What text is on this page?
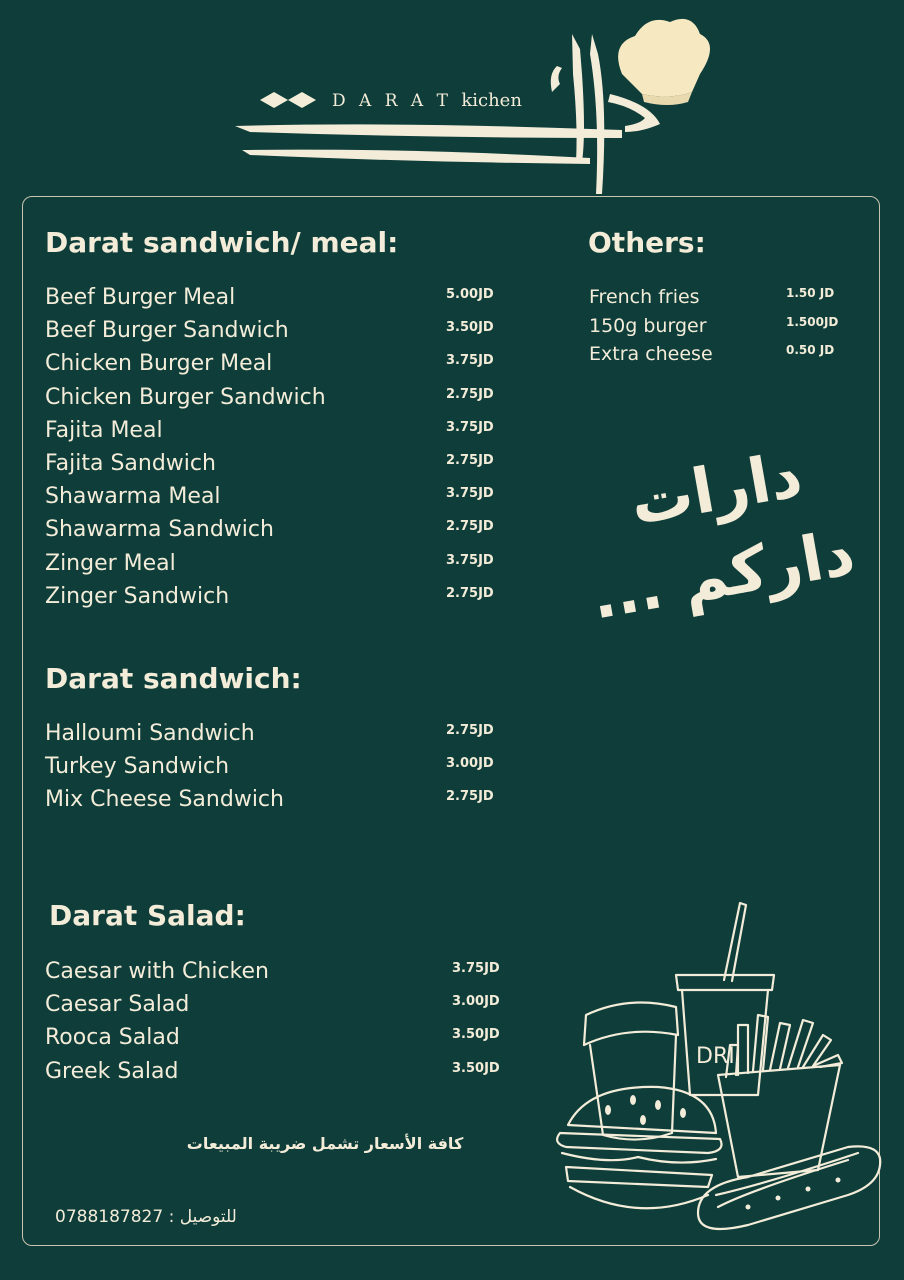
D A R A T kichen
Darat sandwich/ meal:
Beef Burger Meal	5.00JD
Beef Burger Sandwich	3.50JD
Chicken Burger Meal	3.75JD
Chicken Burger Sandwich	2.75JD
Fajita Meal	3.75JD
Fajita Sandwich	2.75JD
Shawarma Meal	3.75JD
Shawarma Sandwich	2.75JD
Zinger Meal	3.75JD
Zinger Sandwich	2.75JD
Darat sandwich:
Halloumi Sandwich	2.75JD
Turkey Sandwich	3.00JD
Mix Cheese Sandwich	2.75JD
Darat Salad:
Caesar with Chicken	3.75JD
Caesar Salad	3.00JD
Rooca Salad	3.50JD
Greek Salad	3.50JD
Others:
French fries	1.50 JD
150g burger	1.500JD
Extra cheese	0.50 JD
دارات
داركم ...
DRI
كافة الأسعار تشمل ضريبة المبيعات
0788187827 : للتوصيل
